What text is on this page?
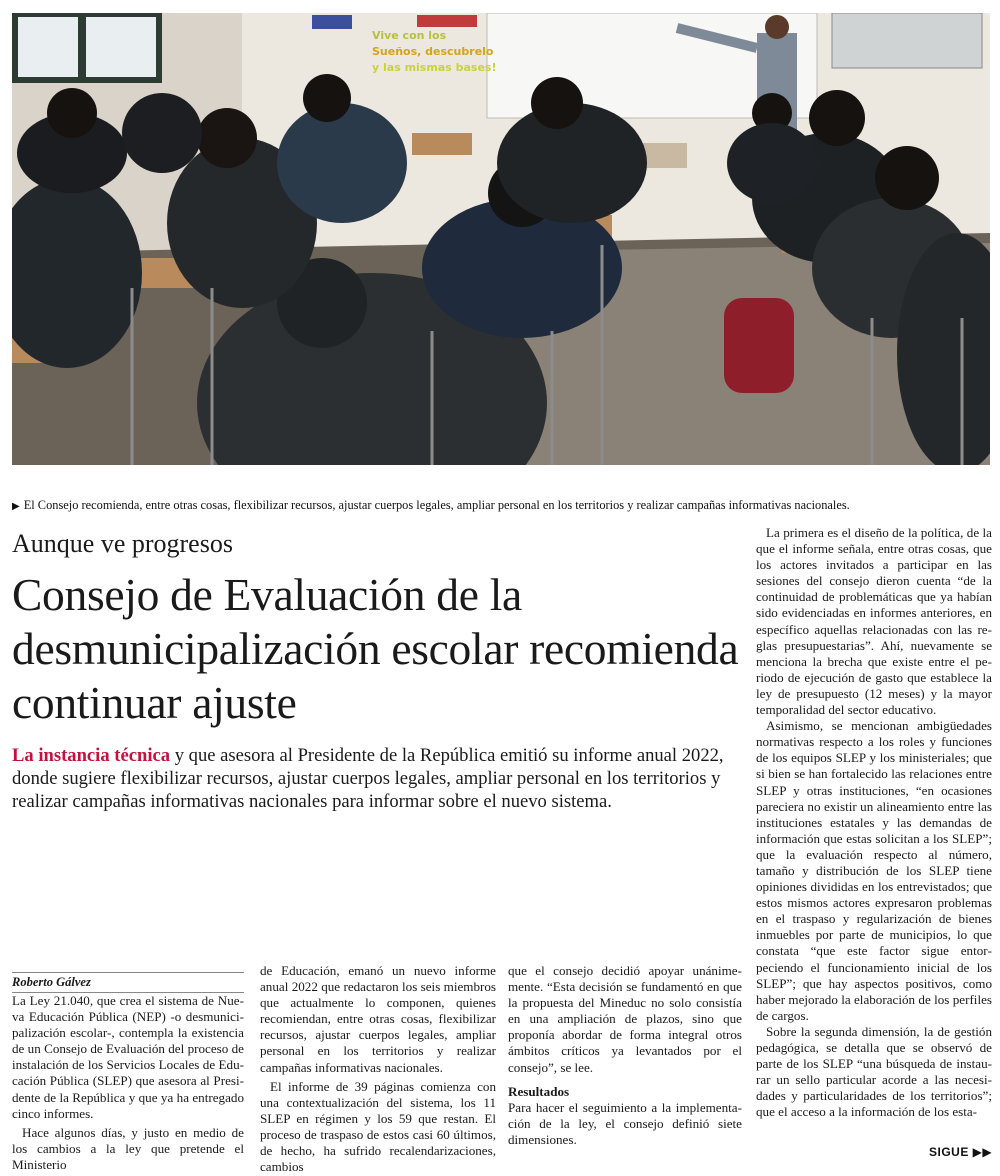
Vive con los
Sueños, descubrelo
y las mismas bases!
▶ El Consejo recomienda, entre otras cosas, flexibilizar recursos, ajustar cuerpos legales, ampliar personal en los territorios y realizar campañas informativas nacionales.
Aunque ve progresos
Consejo de Evaluación de la desmunicipalización escolar recomienda continuar ajuste
La instancia técnica y que asesora al Presidente de la República emitió su informe anual 2022, donde sugiere flexibilizar recursos, ajustar cuerpos legales, ampliar personal en los territorios y realizar campañas informativas nacionales para informar sobre el nuevo sistema.

Roberto Gálvez

La Ley 21.040, que crea el sistema de Nueva Educación Pública (NEP) -o desmunicipalización escolar-, contempla la existencia de un Consejo de Evaluación del proceso de instalación de los Servicios Locales de Educación Pública (SLEP) que asesora al Presidente de la República y que ya ha entregado cinco informes.

Hace algunos días, y justo en medio de los cambios a la ley que pretende el Ministerio

de Educación, emanó un nuevo informe anual 2022 que redactaron los seis miembros que actualmente lo componen, quienes recomiendan, entre otras cosas, flexibilizar recursos, ajustar cuerpos legales, ampliar personal en los territorios y realizar campañas informativas nacionales.

El informe de 39 páginas comienza con una contextualización del sistema, los 11 SLEP en régimen y los 59 que restan. El proceso de traspaso de estos casi 60 últimos, de hecho, ha sufrido recalendarizaciones, cambios

que el consejo decidió apoyar unánimemente. “Esta decisión se fundamentó en que la propuesta del Mineduc no solo consistía en una ampliación de plazos, sino que proponía abordar de forma integral otros ámbitos críticos ya levantados por el consejo”, se lee.

Resultados

Para hacer el seguimiento a la implementación de la ley, el consejo definió siete dimensiones.

La primera es el diseño de la política, de la que el informe señala, entre otras cosas, que los actores invitados a participar en las sesiones del consejo dieron cuenta “de la continuidad de problemáticas que ya habían sido evidenciadas en informes anteriores, en específico aquellas relacionadas con las reglas presupuestarias”. Ahí, nuevamente se menciona la brecha que existe entre el periodo de ejecución de gasto que establece la ley de presupuesto (12 meses) y la mayor temporalidad del sector educativo.

Asimismo, se mencionan ambigüedades normativas respecto a los roles y funciones de los equipos SLEP y los ministeriales; que si bien se han fortalecido las relaciones entre SLEP y otras instituciones, “en ocasiones pareciera no existir un alineamiento entre las instituciones estatales y las demandas de información que estas solicitan a los SLEP”; que la evaluación respecto al número, tamaño y distribución de los SLEP tiene opiniones divididas en los entrevistados; que estos mismos actores expresaron problemas en el traspaso y regularización de bienes inmuebles por parte de municipios, lo que constata “que este factor sigue entorpeciendo el funcionamiento inicial de los SLEP”; que hay aspectos positivos, como haber mejorado la elaboración de los perfiles de cargos.

Sobre la segunda dimensión, la de gestión pedagógica, se detalla que se observó de parte de los SLEP “una búsqueda de instaurar un sello particular acorde a las necesidades y particularidades de los territorios”; que el acceso a la información de los esta-

SIGUE ▶▶
